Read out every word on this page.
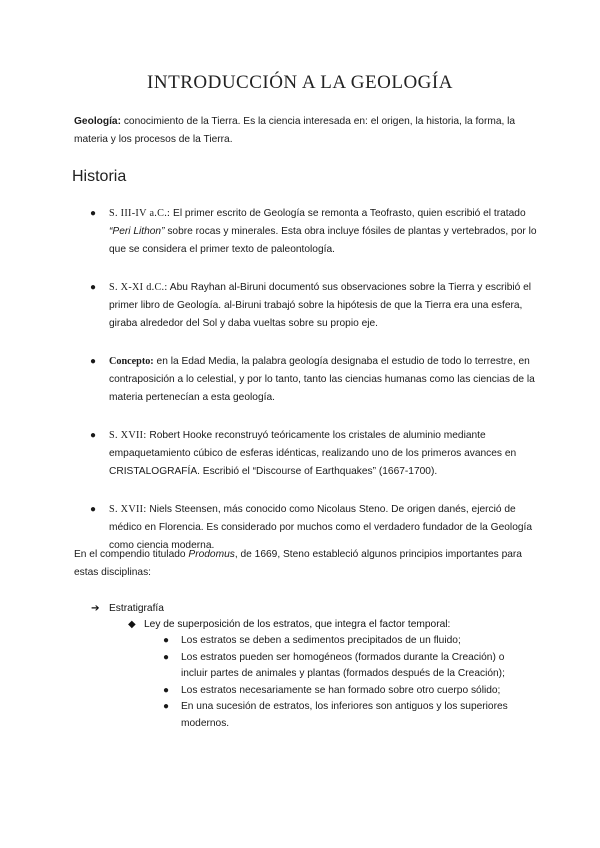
INTRODUCCIÓN A LA GEOLOGÍA
Geología: conocimiento de la Tierra. Es la ciencia interesada en: el origen, la historia, la forma, la materia y los procesos de la Tierra.
Historia
● S. III-IV a.C.: El primer escrito de Geología se remonta a Teofrasto, quien escribió el tratado “Peri Lithon” sobre rocas y minerales. Esta obra incluye fósiles de plantas y vertebrados, por lo que se considera el primer texto de paleontología.
● S. X-XI d.C.: Abu Rayhan al-Biruni documentó sus observaciones sobre la Tierra y escribió el primer libro de Geología. al-Biruni trabajó sobre la hipótesis de que la Tierra era una esfera, giraba alrededor del Sol y daba vueltas sobre su propio eje.
● Concepto: en la Edad Media, la palabra geología designaba el estudio de todo lo terrestre, en contraposición a lo celestial, y por lo tanto, tanto las ciencias humanas como las ciencias de la materia pertenecían a esta geología.
● S. XVII: Robert Hooke reconstruyó teóricamente los cristales de aluminio mediante empaquetamiento cúbico de esferas idénticas, realizando uno de los primeros avances en CRISTALOGRAFÍA. Escribió el “Discourse of Earthquakes” (1667-1700).
● S. XVII: Niels Steensen, más conocido como Nicolaus Steno. De origen danés, ejerció de médico en Florencia. Es considerado por muchos como el verdadero fundador de la Geología como ciencia moderna.
En el compendio titulado Prodomus, de 1669, Steno estableció algunos principios importantes para estas disciplinas:
➔ Estratigrafía
◆ Ley de superposición de los estratos, que integra el factor temporal:
● Los estratos se deben a sedimentos precipitados de un fluido;
● Los estratos pueden ser homogéneos (formados durante la Creación) o incluir partes de animales y plantas (formados después de la Creación);
● Los estratos necesariamente se han formado sobre otro cuerpo sólido;
● En una sucesión de estratos, los inferiores son antiguos y los superiores modernos.
